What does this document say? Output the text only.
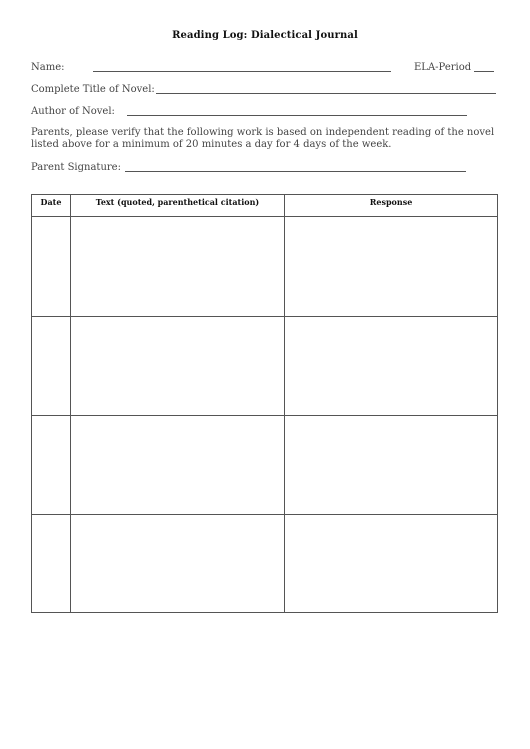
Reading Log: Dialectical Journal
Name:	ELA-Period
Complete Title of Novel:
Author of Novel:
Parents, please verify that the following work is based on independent reading of the novel listed above for a minimum of 20 minutes a day for 4 days of the week.
Parent Signature:
Date	Text (quoted, parenthetical citation)	Response
